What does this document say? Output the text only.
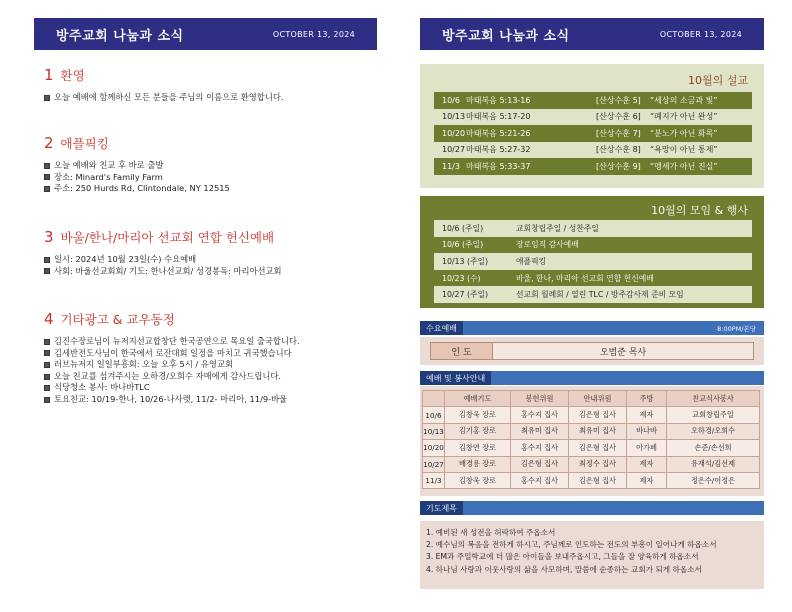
방주교회 나눔과 소식	OCTOBER 13, 2024
1 환영
오늘 예배에 함께하신 모든 분들을 주님의 이름으로 환영합니다.
2 애플픽킹
오늘 예배와 친교 후 바로 출발
장소: Minard's Family Farm
주소: 250 Hurds Rd, Clintondale, NY 12515
3 바울/한나/마리아 선교회 연합 헌신예배
일시: 2024년 10월 23일(수) 수요예배
사회: 바울선교회회/ 기도: 한나선교회/ 성경봉독: 마리아선교회
4 기타광고 & 교우동정
김진수장로님이 뉴저지선교합창단 한국공연으로 목요일 출국합니다.
김세반전도사님이 한국에서 로잔대회 일정을 마치고 귀국했습니다
러브뉴저지 일일부흥회: 오늘 오후 5시 / 유영교회
오늘 친교를 섬겨주시는 오하경/오희수 자매에게 감사드립니다.
식당청소 봉사: 바나바TLC
토요친교: 10/19-한나, 10/26-나사렛, 11/2- 마리아, 11/9-바울
방주교회 나눔과 소식	OCTOBER 13, 2024
10월의 설교
10/6 마태복음 5:13-16	[산상수훈 5]	“세상의 소금과 빛”
10/13 마태복음 5:17-20	[산상수훈 6]	“폐지가 아닌 완성”
10/20 마태복음 5:21-26	[산상수훈 7]	“분노가 아닌 화목”
10/27 마태복음 5:27-32	[산상수훈 8]	“욕망이 아닌 통제”
11/3 마태복음 5:33-37	[산상수훈 9]	“맹세가 아닌 진실”
10월의 모임 & 행사
10/6 (주일)	교회창립주일 / 성찬주일
10/6 (주일)	장로임직 감사예배
10/13 (주일)	애플픽킹
10/23 (수)	바울, 한나, 마리아 선교회 연합 헌신예배
10/27 (주일)	선교회 월례회 / 열린 TLC / 방주감사제 준비 모임
수요예배	8:00PM/본당
인 도	오범준 목사
예배 및 봉사안내
	예배기도	봉헌위원	안내위원	주방	친교식사봉사
10/6	김창욱 장로	홍수지 집사	김은형 집사	제자	교회창립주일
10/13	김기홍 장로	최유미 집사	최유미 집사	바나바	오하경/오희수
10/20	김창연 장로	홍수지 집사	김은형 집사	아가페	손준/손선희
10/27	배경용 장로	김은형 집사	최정수 집사	제자	유재석/김선제
11/3	김창욱 장로	홍수지 집사	김은형 집사	제자	정은수/이정은
기도제목
1. 예비된 새 성전을 허락하여 주옵소서
2. 예수님의 복음을 전하게 하시고, 주님께로 인도하는 전도의 부흥이 일어나게 하옵소서
3. EM과 주일학교에 더 많은 아이들을 보내주옵시고, 그들을 잘 양육하게 하옵소서
4. 하나님 사랑과 이웃사랑의 삶을 사모하며, 말씀에 순종하는 교회가 되게 하옵소서
